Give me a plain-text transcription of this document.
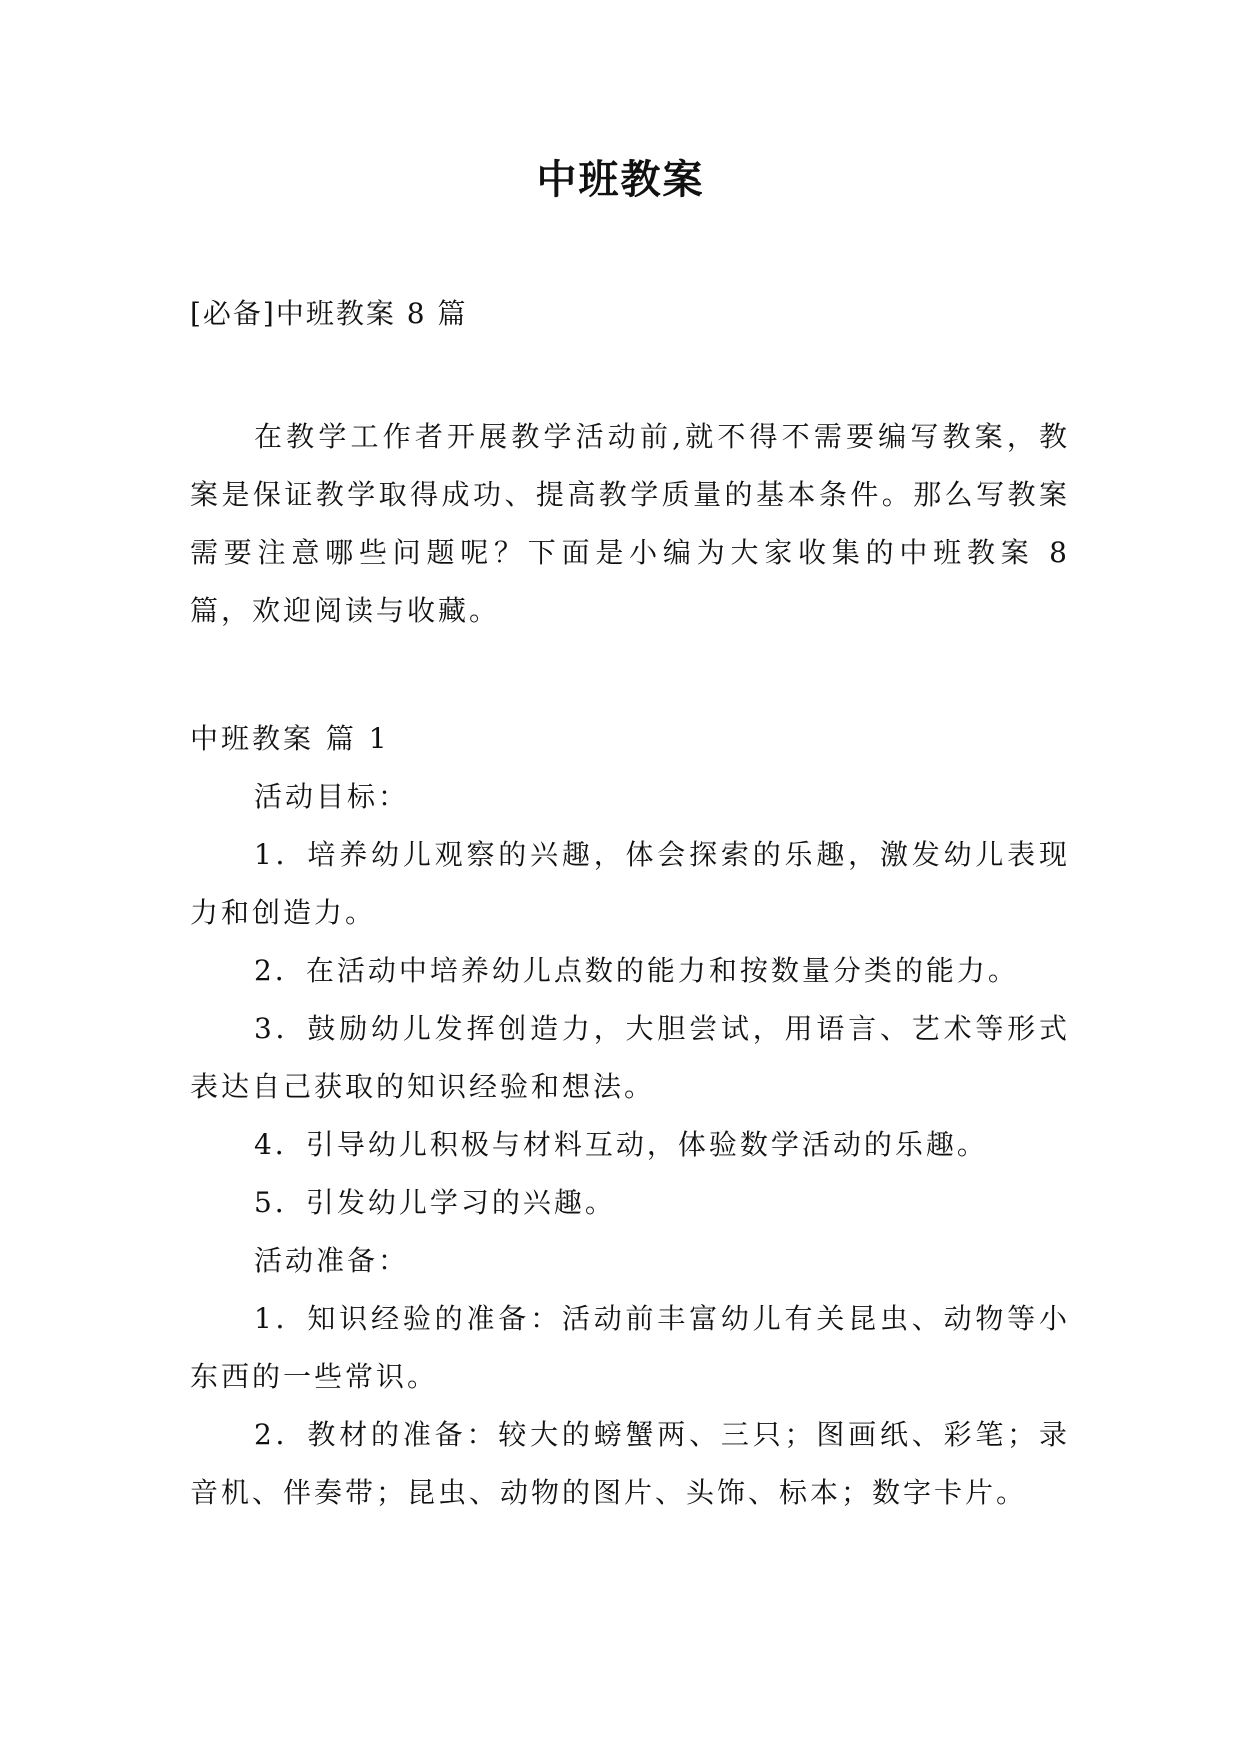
中班教案
[必备]中班教案 8 篇

在教学工作者开展教学活动前,就不得不需要编写教案，教案是保证教学取得成功、提高教学质量的基本条件。那么写教案需要注意哪些问题呢？下面是小编为大家收集的中班教案 8 篇，欢迎阅读与收藏。

中班教案 篇 1

活动目标：

1．培养幼儿观察的兴趣，体会探索的乐趣，激发幼儿表现力和创造力。

2．在活动中培养幼儿点数的能力和按数量分类的能力。

3．鼓励幼儿发挥创造力，大胆尝试，用语言、艺术等形式表达自己获取的知识经验和想法。

4．引导幼儿积极与材料互动，体验数学活动的乐趣。

5．引发幼儿学习的兴趣。

活动准备：

1．知识经验的准备：活动前丰富幼儿有关昆虫、动物等小东西的一些常识。

2．教材的准备：较大的螃蟹两、三只；图画纸、彩笔；录音机、伴奏带；昆虫、动物的图片、头饰、标本；数字卡片。
